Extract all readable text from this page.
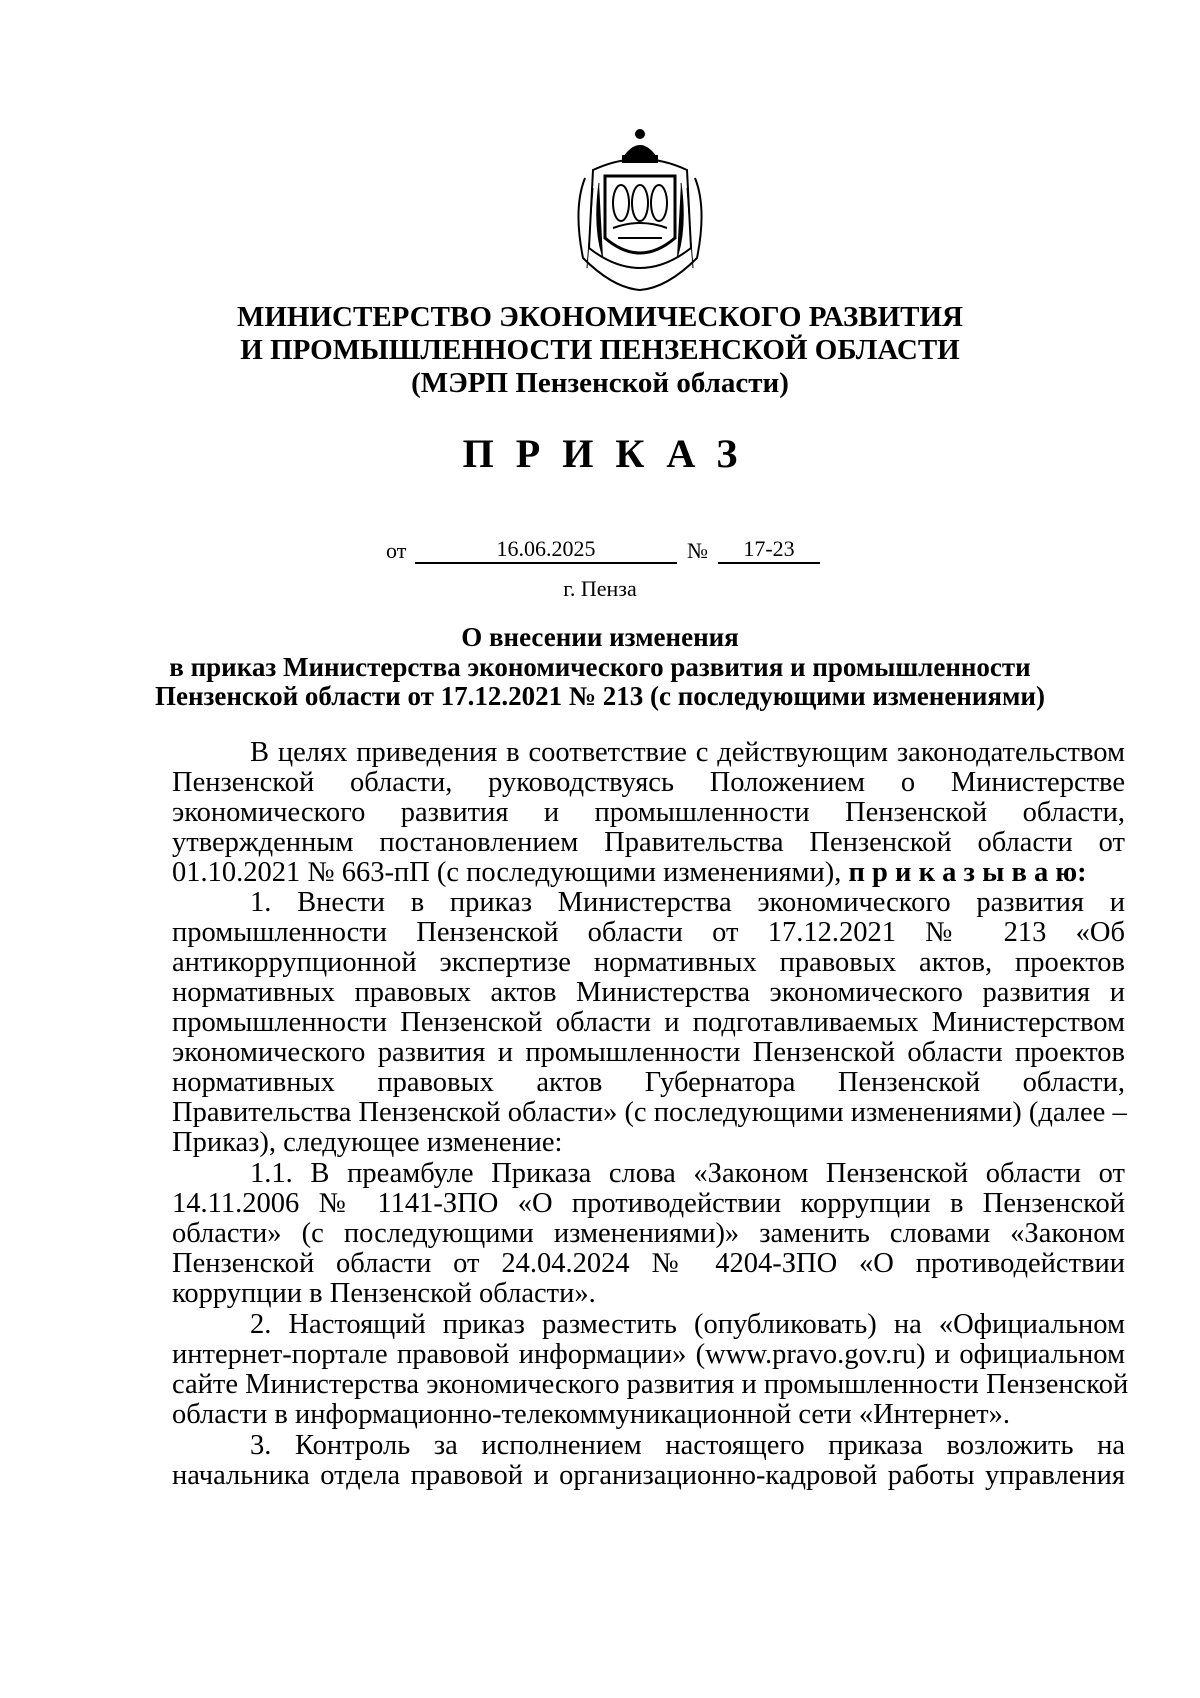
МИНИСТЕРСТВО ЭКОНОМИЧЕСКОГО РАЗВИТИЯ
И ПРОМЫШЛЕННОСТИ ПЕНЗЕНСКОЙ ОБЛАСТИ
(МЭРП Пензенской области)
ПРИКАЗ
от	16.06.2025	№	17-23
г. Пенза
О внесении изменения
в приказ Министерства экономического развития и промышленности
Пензенской области от 17.12.2021 № 213 (с последующими изменениями)
В целях приведения в соответствие с действующим законодательством
Пензенской области, руководствуясь Положением о Министерстве
экономического развития и промышленности Пензенской области,
утвержденным постановлением Правительства Пензенской области от
01.10.2021 № 663-пП (с последующими изменениями), п р и к а з ы в а ю:
1. Внести в приказ Министерства экономического развития и
промышленности Пензенской области от 17.12.2021 № 213 «Об
антикоррупционной экспертизе нормативных правовых актов, проектов
нормативных правовых актов Министерства экономического развития и
промышленности Пензенской области и подготавливаемых Министерством
экономического развития и промышленности Пензенской области проектов
нормативных правовых актов Губернатора Пензенской области,
Правительства Пензенской области» (с последующими изменениями) (далее –
Приказ), следующее изменение:
1.1. В преамбуле Приказа слова «Законом Пензенской области от
14.11.2006 № 1141-ЗПО «О противодействии коррупции в Пензенской
области» (с последующими изменениями)» заменить словами «Законом
Пензенской области от 24.04.2024 № 4204-ЗПО «О противодействии
коррупции в Пензенской области».
2. Настоящий приказ разместить (опубликовать) на «Официальном
интернет-портале правовой информации» (www.pravo.gov.ru) и официальном
сайте Министерства экономического развития и промышленности Пензенской
области в информационно-телекоммуникационной сети «Интернет».
3. Контроль за исполнением настоящего приказа возложить на
начальника отдела правовой и организационно-кадровой работы управления
